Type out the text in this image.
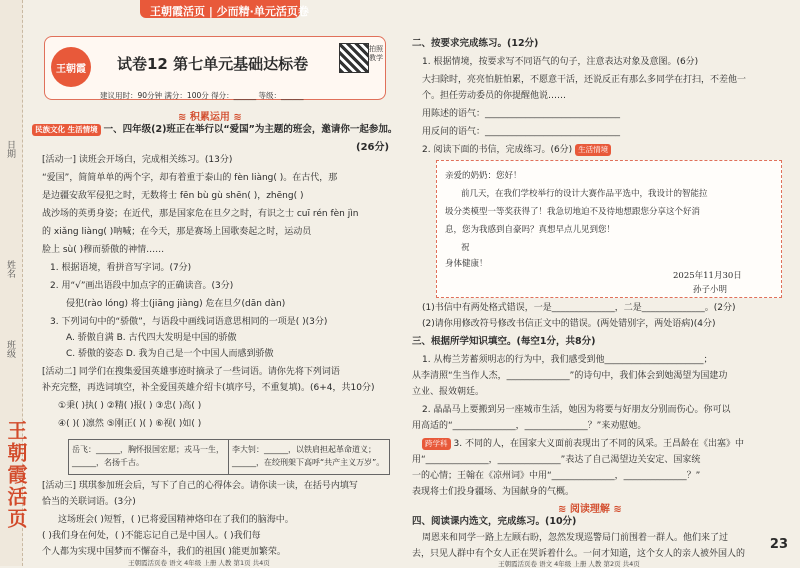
日期
姓名
班级
王朝霞活页
王朝霞活页 | 少而精·单元活页卷
王朝霞	试卷12 第七单元基础达标卷
拍照教学
建议用时：90分钟 满分：100分 得分：______ 等级：______
≋ 积累运用 ≋
民族文化 生活情境 一、四年级(2)班正在举行以“爱国”为主题的班会，邀请你一起参加。
(26分)
[活动一] 读班会开场白，完成相关练习。(13分)
“爱国”，简简单单的两个字，却有着重于泰山的 fèn liàng( )。在古代，那
是边疆安敌军侵犯之时，无数将士 fēn bù gù shēn( )，zhēng( )
战沙场的英勇身姿；在近代，那是国家危在旦夕之时，有识之士 cuī rén fèn jìn
的 xiǎng liàng( )呐喊；在今天，那是赛场上国歌奏起之时，运动员
脸上 sù( )穆而骄傲的神情……
1. 根据语境，看拼音写字词。(7分)
2. 用“√”画出语段中加点字的正确读音。(3分)
侵犯(rào lóng) 将士(jiāng jiàng) 危在旦夕(dān dàn)
3. 下列词句中的“骄傲”，与语段中画线词语意思相同的一项是( )(3分)
A. 骄傲自满 B. 古代四大发明是中国的骄傲
C. 骄傲的姿态 D. 我为自己是一个中国人而感到骄傲
[活动二] 同学们在搜集爱国英雄事迹时摘录了一些词语。请你先将下列词语
补充完整，再选词填空，补全爱国英雄介绍卡(填序号，不重复填)。(6+4，共10分)
①秉( )执( ) ②精( )报( ) ③忠( )高( )
④( )( )凛然 ⑤刚正( )( ) ⑥视( )如( )
岳飞：______，胸怀报国宏愿；戎马一生，______，名扬千古。
李大钊：______，以铁肩担起革命道义；______，在绞刑架下高呼“共产主义万岁”。
[活动三] 琪琪参加班会后，写下了自己的心得体会。请你读一读，在括号内填写
恰当的关联词语。(3分)
这场班会( )短暂，( )已将爱国精神烙印在了我们的脑海中。
( )我们身在何处，( )不能忘记自己是中国人。( )我们每
个人都为实现中国梦而不懈奋斗，我们的祖国( )能更加繁荣。
王朝霞活页卷 语文 4年级 上册 人教 第1页 共4页
二、按要求完成练习。(12分)
1. 根据情境，按要求写不同语气的句子，注意表达对象及意图。(6分)
大扫除时，亮亮怕脏怕累，不愿意干活，还说反正有那么多同学在打扫，不差他一
个。担任劳动委员的你提醒他说……
用陈述的语气：______________________________
用反问的语气：______________________________
2. 阅读下面的书信，完成练习。(6分) 生活情境
亲爱的奶奶：您好！
前几天，在我们学校举行的设计大赛作品平选中，我设计的智能拉
圾分类模型一等奖获得了！我急切地迫不及待地想跟您分享这个好消
息，您为我感到自豪吗？真想早点儿见到您！
祝
身体健康！
2025年11月30日
孙子小明
(1)书信中有两处格式错误，一是______________，二是______________。(2分)
(2)请你用修改符号修改书信正文中的错误。(两处错别字，两处语病)(4分)
三、根据所学知识填空。(每空1分，共8分)
1. 从梅兰芳蓄须明志的行为中，我们感受到他______________________；
从李清照“生当作人杰，______________”的诗句中，我们体会到她渴望为国建功
立业、报效朝廷。
2. 晶晶马上要搬到另一座城市生活，她因为将要与好朋友分别而伤心。你可以
用高适的“______________，______________？”来劝慰她。
跨学科 3. 不同的人，在国家大义面前表现出了不同的风采。王昌龄在《出塞》中
用“______________，______________”表达了自己渴望边关安定、国家统
一的心情；王翰在《凉州词》中用“______________，______________？”
表现将士们投身疆场、为国献身的气概。
≋ 阅读理解 ≋
四、阅读课内选文，完成练习。(10分)
周恩来和同学一路上左顾右盼，忽然发现巡警局门前围着一群人。他们来了过
去，只见人群中有个女人正在哭诉着什么。一问才知道，这个女人的亲人被外国人的
王朝霞活页卷 语文 4年级 上册 人教 第2页 共4页
23
